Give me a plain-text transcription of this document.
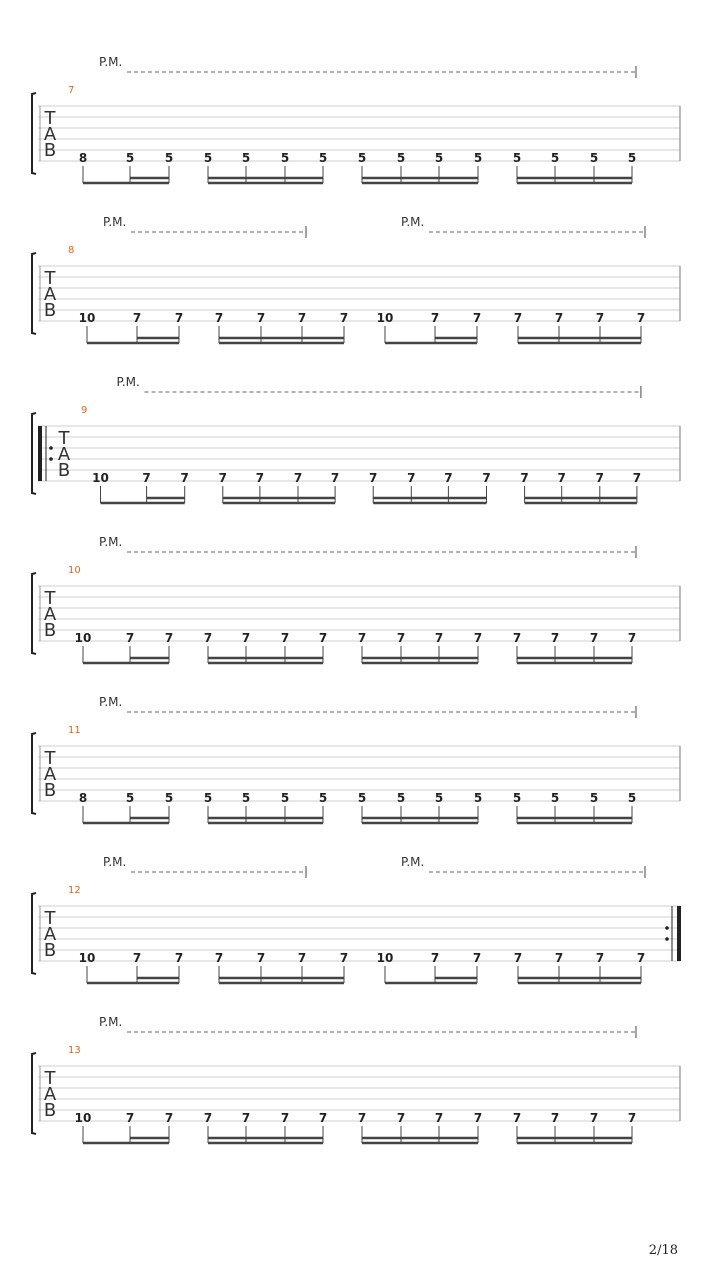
7
T
A
B
P.M.
8	5	5	5 5	5 5	5	5 5	5	5 5	5 5
8
T
A
B
P.M.	P.M.
10	7	7	7	7	7	7 10	7	7	7	7	7	7
9
T
A
B
P.M.
10	7 7 7 7 7 7 7 7 7 7 7 7 7 7
10
T
A
B
P.M.
10	7	7	7 7	7 7	7	7 7	7	7 7	7 7
11
T
A
B
P.M.
8	5	5	5 5	5 5	5	5 5	5	5 5	5 5
12
T
A
B
P.M.	P.M.
10	7	7	7	7	7	7 10	7	7	7	7	7	7
13
T
A
B
P.M.
10	7	7	7 7	7 7	7	7 7	7	7 7	7 7
2/18
